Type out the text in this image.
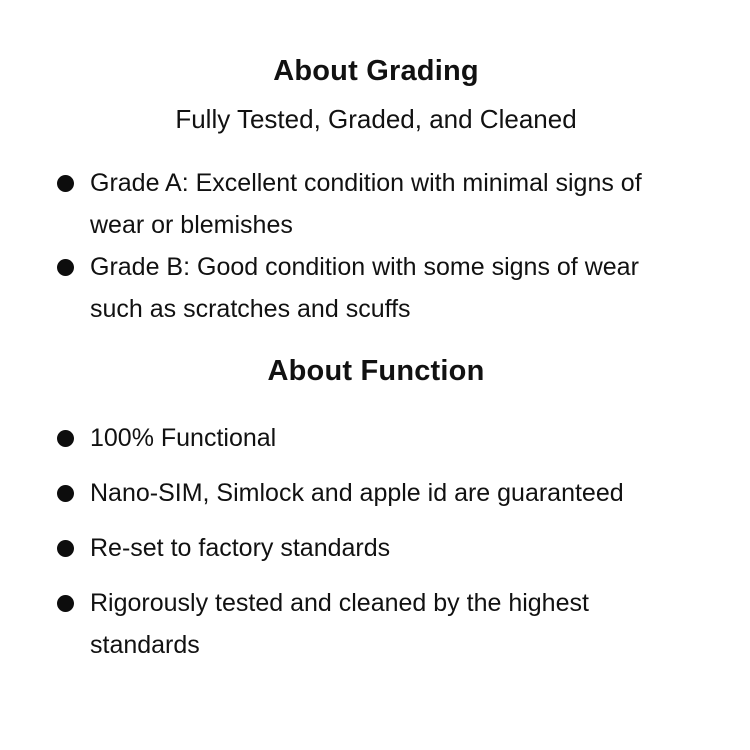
About Grading

Fully Tested, Graded, and Cleaned

Grade A: Excellent condition with minimal signs of wear or blemishes
Grade B: Good condition with some signs of wear such as scratches and scuffs
About Function
100% Functional
Nano-SIM, Simlock and apple id are guaranteed
Re-set to factory standards
Rigorously tested and cleaned by the highest standards
